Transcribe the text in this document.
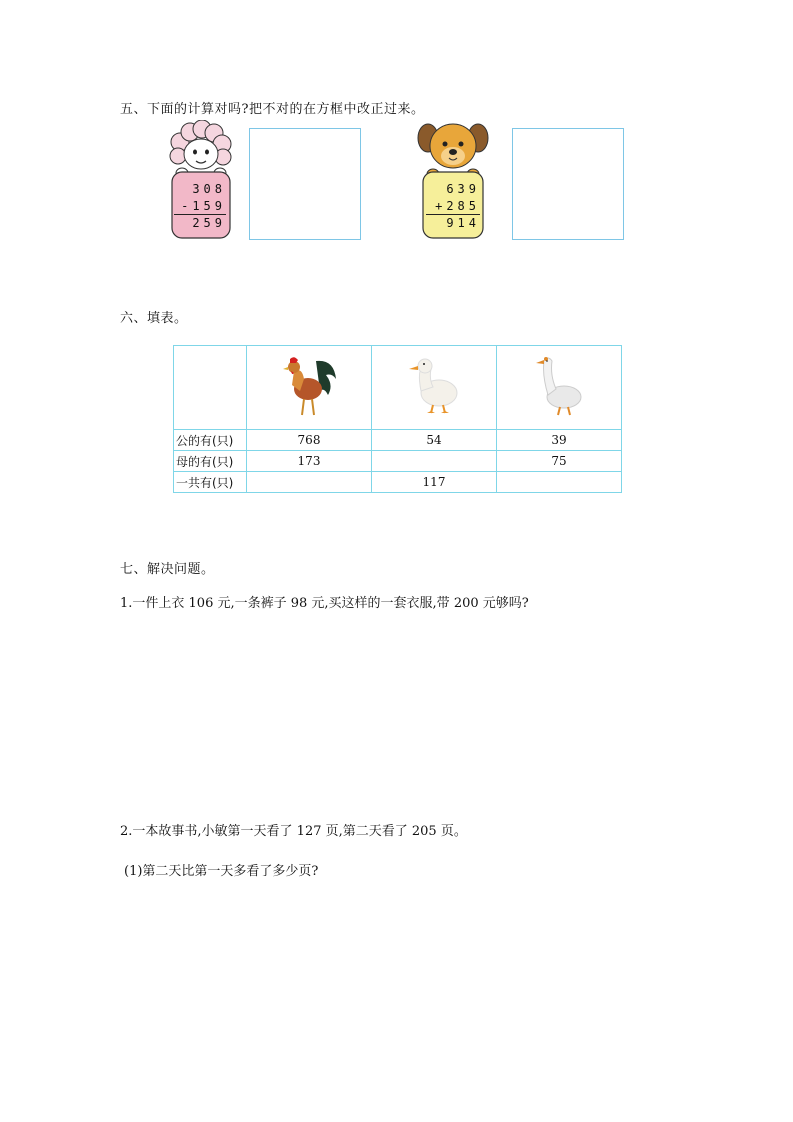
五、下面的计算对吗?把不对的在方框中改正过来。
308
-159
259
639
+285
914
六、填表。

公的有(只)	768	54	39
母的有(只)	173		75
一共有(只)		117	
七、解决问题。
1.一件上衣 106 元,一条裤子 98 元,买这样的一套衣服,带 200 元够吗?
2.一本故事书,小敏第一天看了 127 页,第二天看了 205 页。
(1)第二天比第一天多看了多少页?
